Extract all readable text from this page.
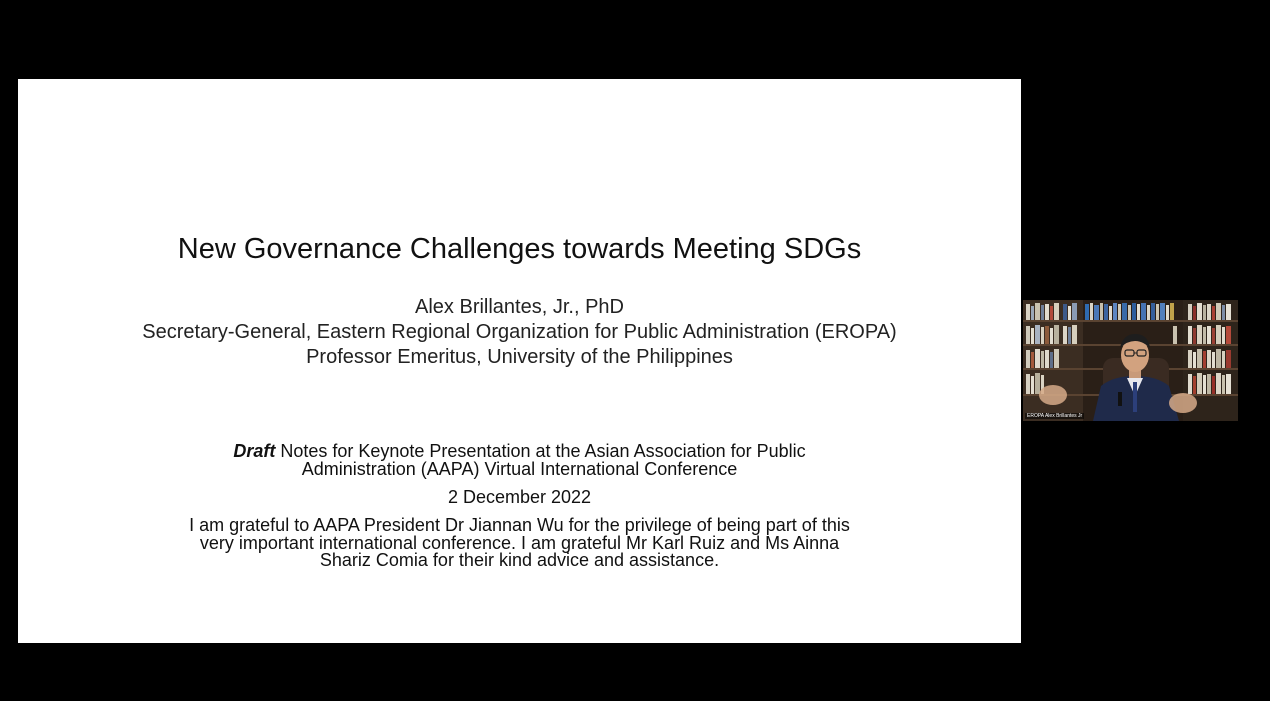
New Governance Challenges towards Meeting SDGs
Alex Brillantes, Jr., PhD
Secretary-General, Eastern Regional Organization for Public Administration (EROPA)
Professor Emeritus, University of the Philippines
Draft Notes for Keynote Presentation at the Asian Association for Public
Administration (AAPA) Virtual International Conference
2 December 2022
I am grateful to AAPA President Dr Jiannan Wu for the privilege of being part of this
very important international conference. I am grateful Mr Karl Ruiz and Ms Ainna
Shariz Comia for their kind advice and assistance.
EROPA Alex Brillantes Jr
